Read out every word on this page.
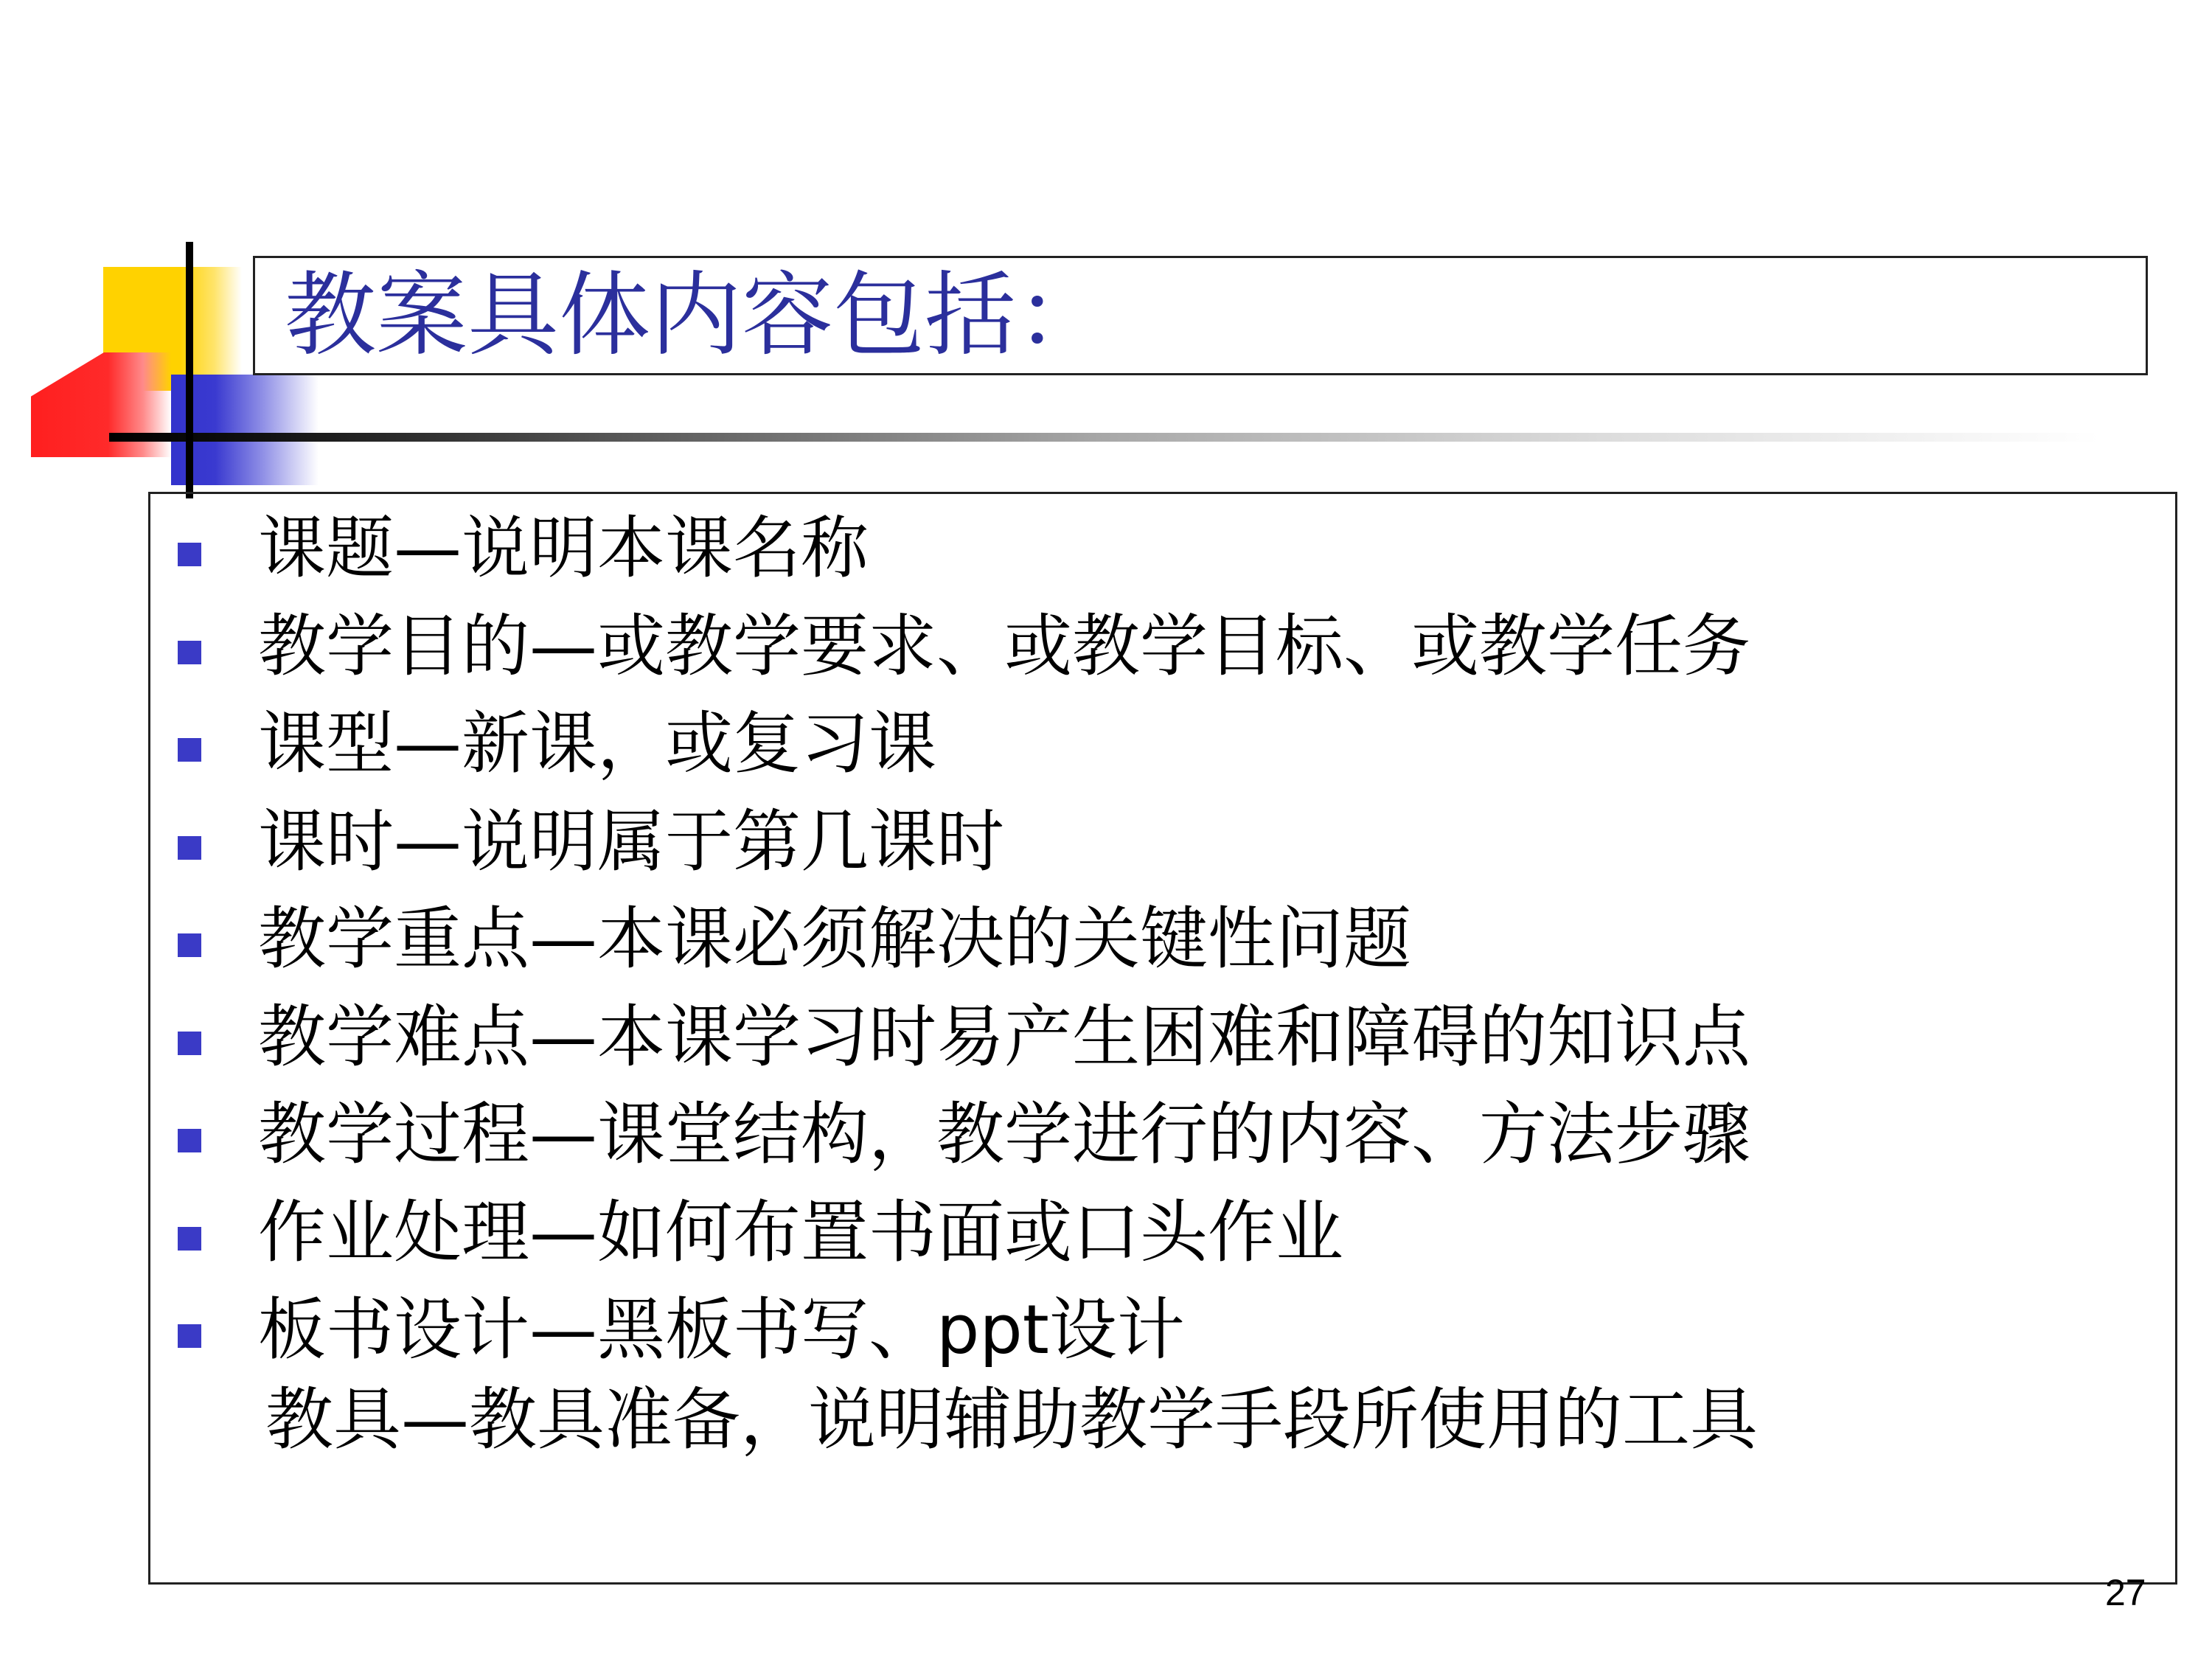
教案具体内容包括：
课题—说明本课名称
教学目的—或教学要求、或教学目标、或教学任务
课型—新课，或复习课
课时—说明属于第几课时
教学重点—本课必须解决的关键性问题
教学难点—本课学习时易产生困难和障碍的知识点
教学过程—课堂结构，教学进行的内容、方法步骤
作业处理—如何布置书面或口头作业
板书设计—黑板书写、ppt设计
教具—教具准备，说明辅助教学手段所使用的工具
27
